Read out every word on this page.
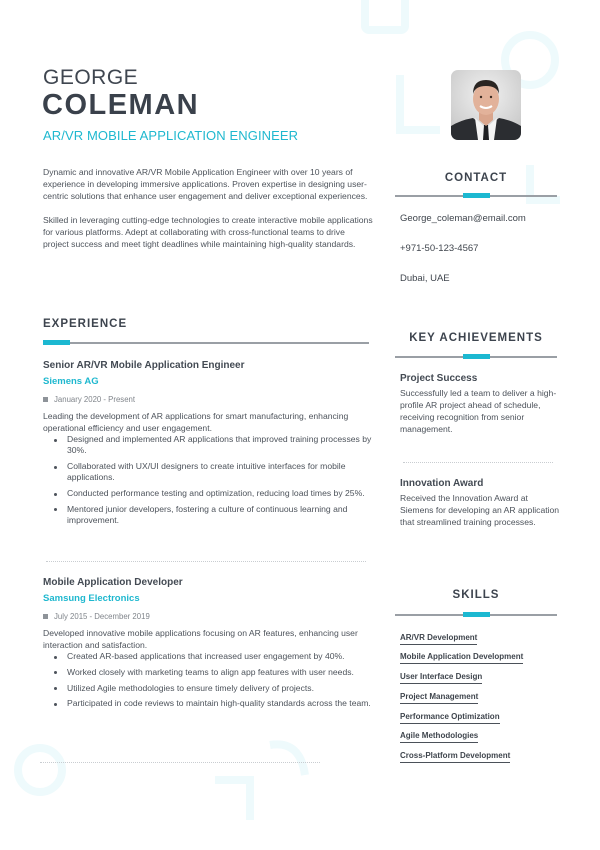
GEORGE
COLEMAN
AR/VR MOBILE APPLICATION ENGINEER

Dynamic and innovative AR/VR Mobile Application Engineer with over 10 years of experience in developing immersive applications. Proven expertise in designing user-centric solutions that enhance user engagement and deliver exceptional experiences.

Skilled in leveraging cutting-edge technologies to create interactive mobile applications for various platforms. Adept at collaborating with cross-functional teams to drive project success and meet tight deadlines while maintaining high-quality standards.

EXPERIENCE
Senior AR/VR Mobile Application Engineer
Siemens AG
January 2020 - Present
Leading the development of AR applications for smart manufacturing, enhancing operational efficiency and user engagement.
Designed and implemented AR applications that improved training processes by 30%.
Collaborated with UX/UI designers to create intuitive interfaces for mobile applications.
Conducted performance testing and optimization, reducing load times by 25%.
Mentored junior developers, fostering a culture of continuous learning and improvement.
Mobile Application Developer
Samsung Electronics
July 2015 - December 2019
Developed innovative mobile applications focusing on AR features, enhancing user interaction and satisfaction.
Created AR-based applications that increased user engagement by 40%.
Worked closely with marketing teams to align app features with user needs.
Utilized Agile methodologies to ensure timely delivery of projects.
Participated in code reviews to maintain high-quality standards across the team.
CONTACT
George_coleman@email.com
+971-50-123-4567
Dubai, UAE
KEY ACHIEVEMENTS
Project Success
Successfully led a team to deliver a high-profile AR project ahead of schedule, receiving recognition from senior management.
Innovation Award
Received the Innovation Award at Siemens for developing an AR application that streamlined training processes.
SKILLS
AR/VR Development
Mobile Application Development
User Interface Design
Project Management
Performance Optimization
Agile Methodologies
Cross-Platform Development
